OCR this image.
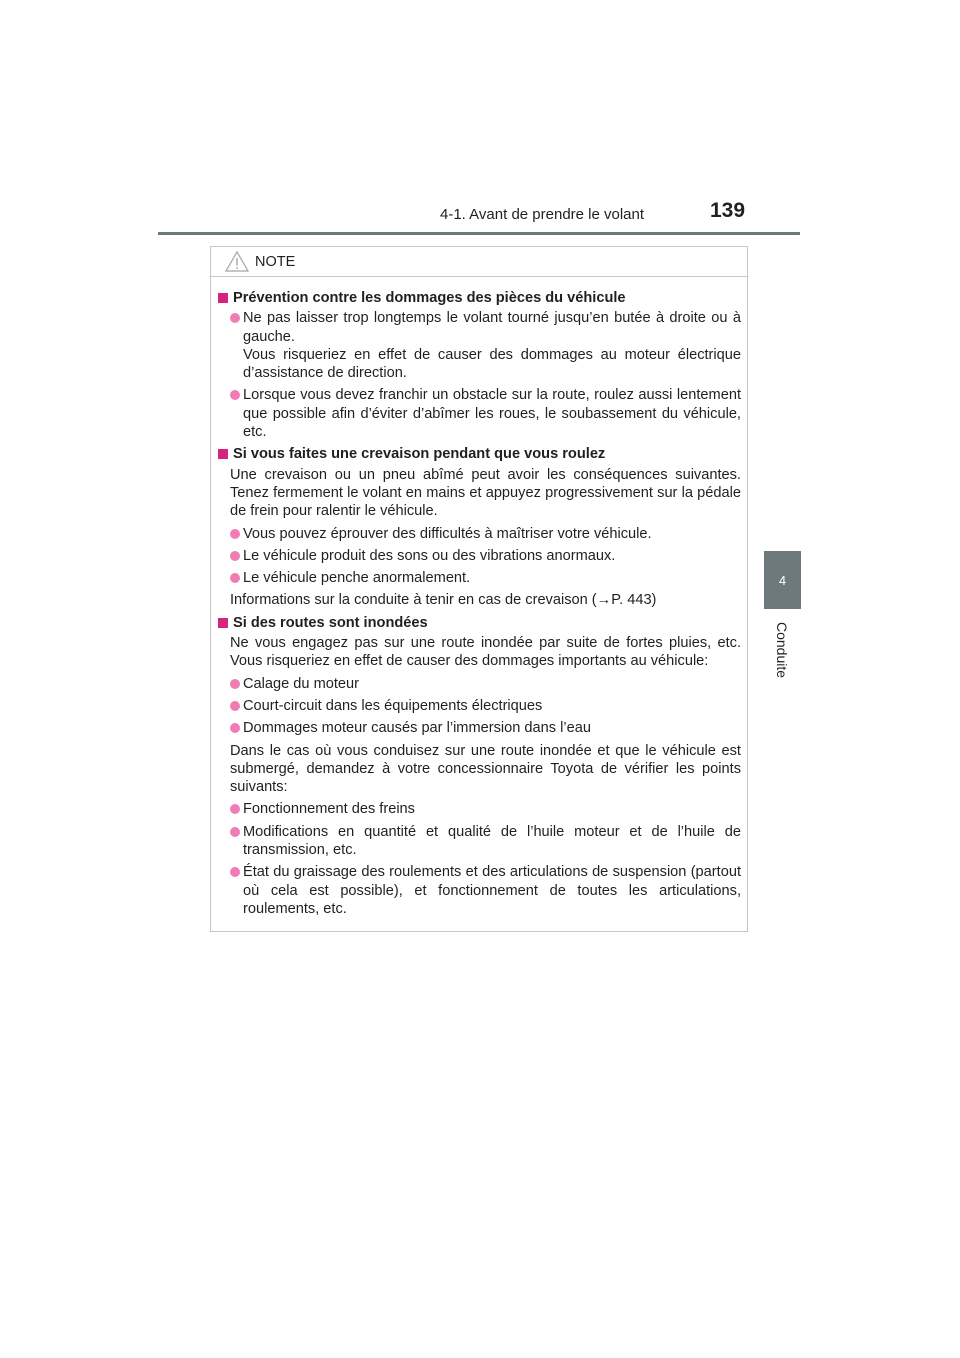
4-1. Avant de prendre le volant	139
4
Conduite
NOTE
Prévention contre les dommages des pièces du véhicule
Ne pas laisser trop longtemps le volant tourné jusqu’en butée à droite ou à gauche.
Vous risqueriez en effet de causer des dommages au moteur électrique d’assistance de direction.
Lorsque vous devez franchir un obstacle sur la route, roulez aussi lentement que possible afin d’éviter d’abîmer les roues, le soubassement du véhicule, etc.
Si vous faites une crevaison pendant que vous roulez
Une crevaison ou un pneu abîmé peut avoir les conséquences suivantes. Tenez fermement le volant en mains et appuyez progressivement sur la pédale de frein pour ralentir le véhicule.
Vous pouvez éprouver des difficultés à maîtriser votre véhicule.
Le véhicule produit des sons ou des vibrations anormaux.
Le véhicule penche anormalement.
Informations sur la conduite à tenir en cas de crevaison (→P. 443)
Si des routes sont inondées
Ne vous engagez pas sur une route inondée par suite de fortes pluies, etc. Vous risqueriez en effet de causer des dommages importants au véhicule:
Calage du moteur
Court-circuit dans les équipements électriques
Dommages moteur causés par l’immersion dans l’eau
Dans le cas où vous conduisez sur une route inondée et que le véhicule est submergé, demandez à votre concessionnaire Toyota de vérifier les points suivants:
Fonctionnement des freins
Modifications en quantité et qualité de l’huile moteur et de l’huile de transmission, etc.
État du graissage des roulements et des articulations de suspension (partout où cela est possible), et fonctionnement de toutes les articulations, roulements, etc.
